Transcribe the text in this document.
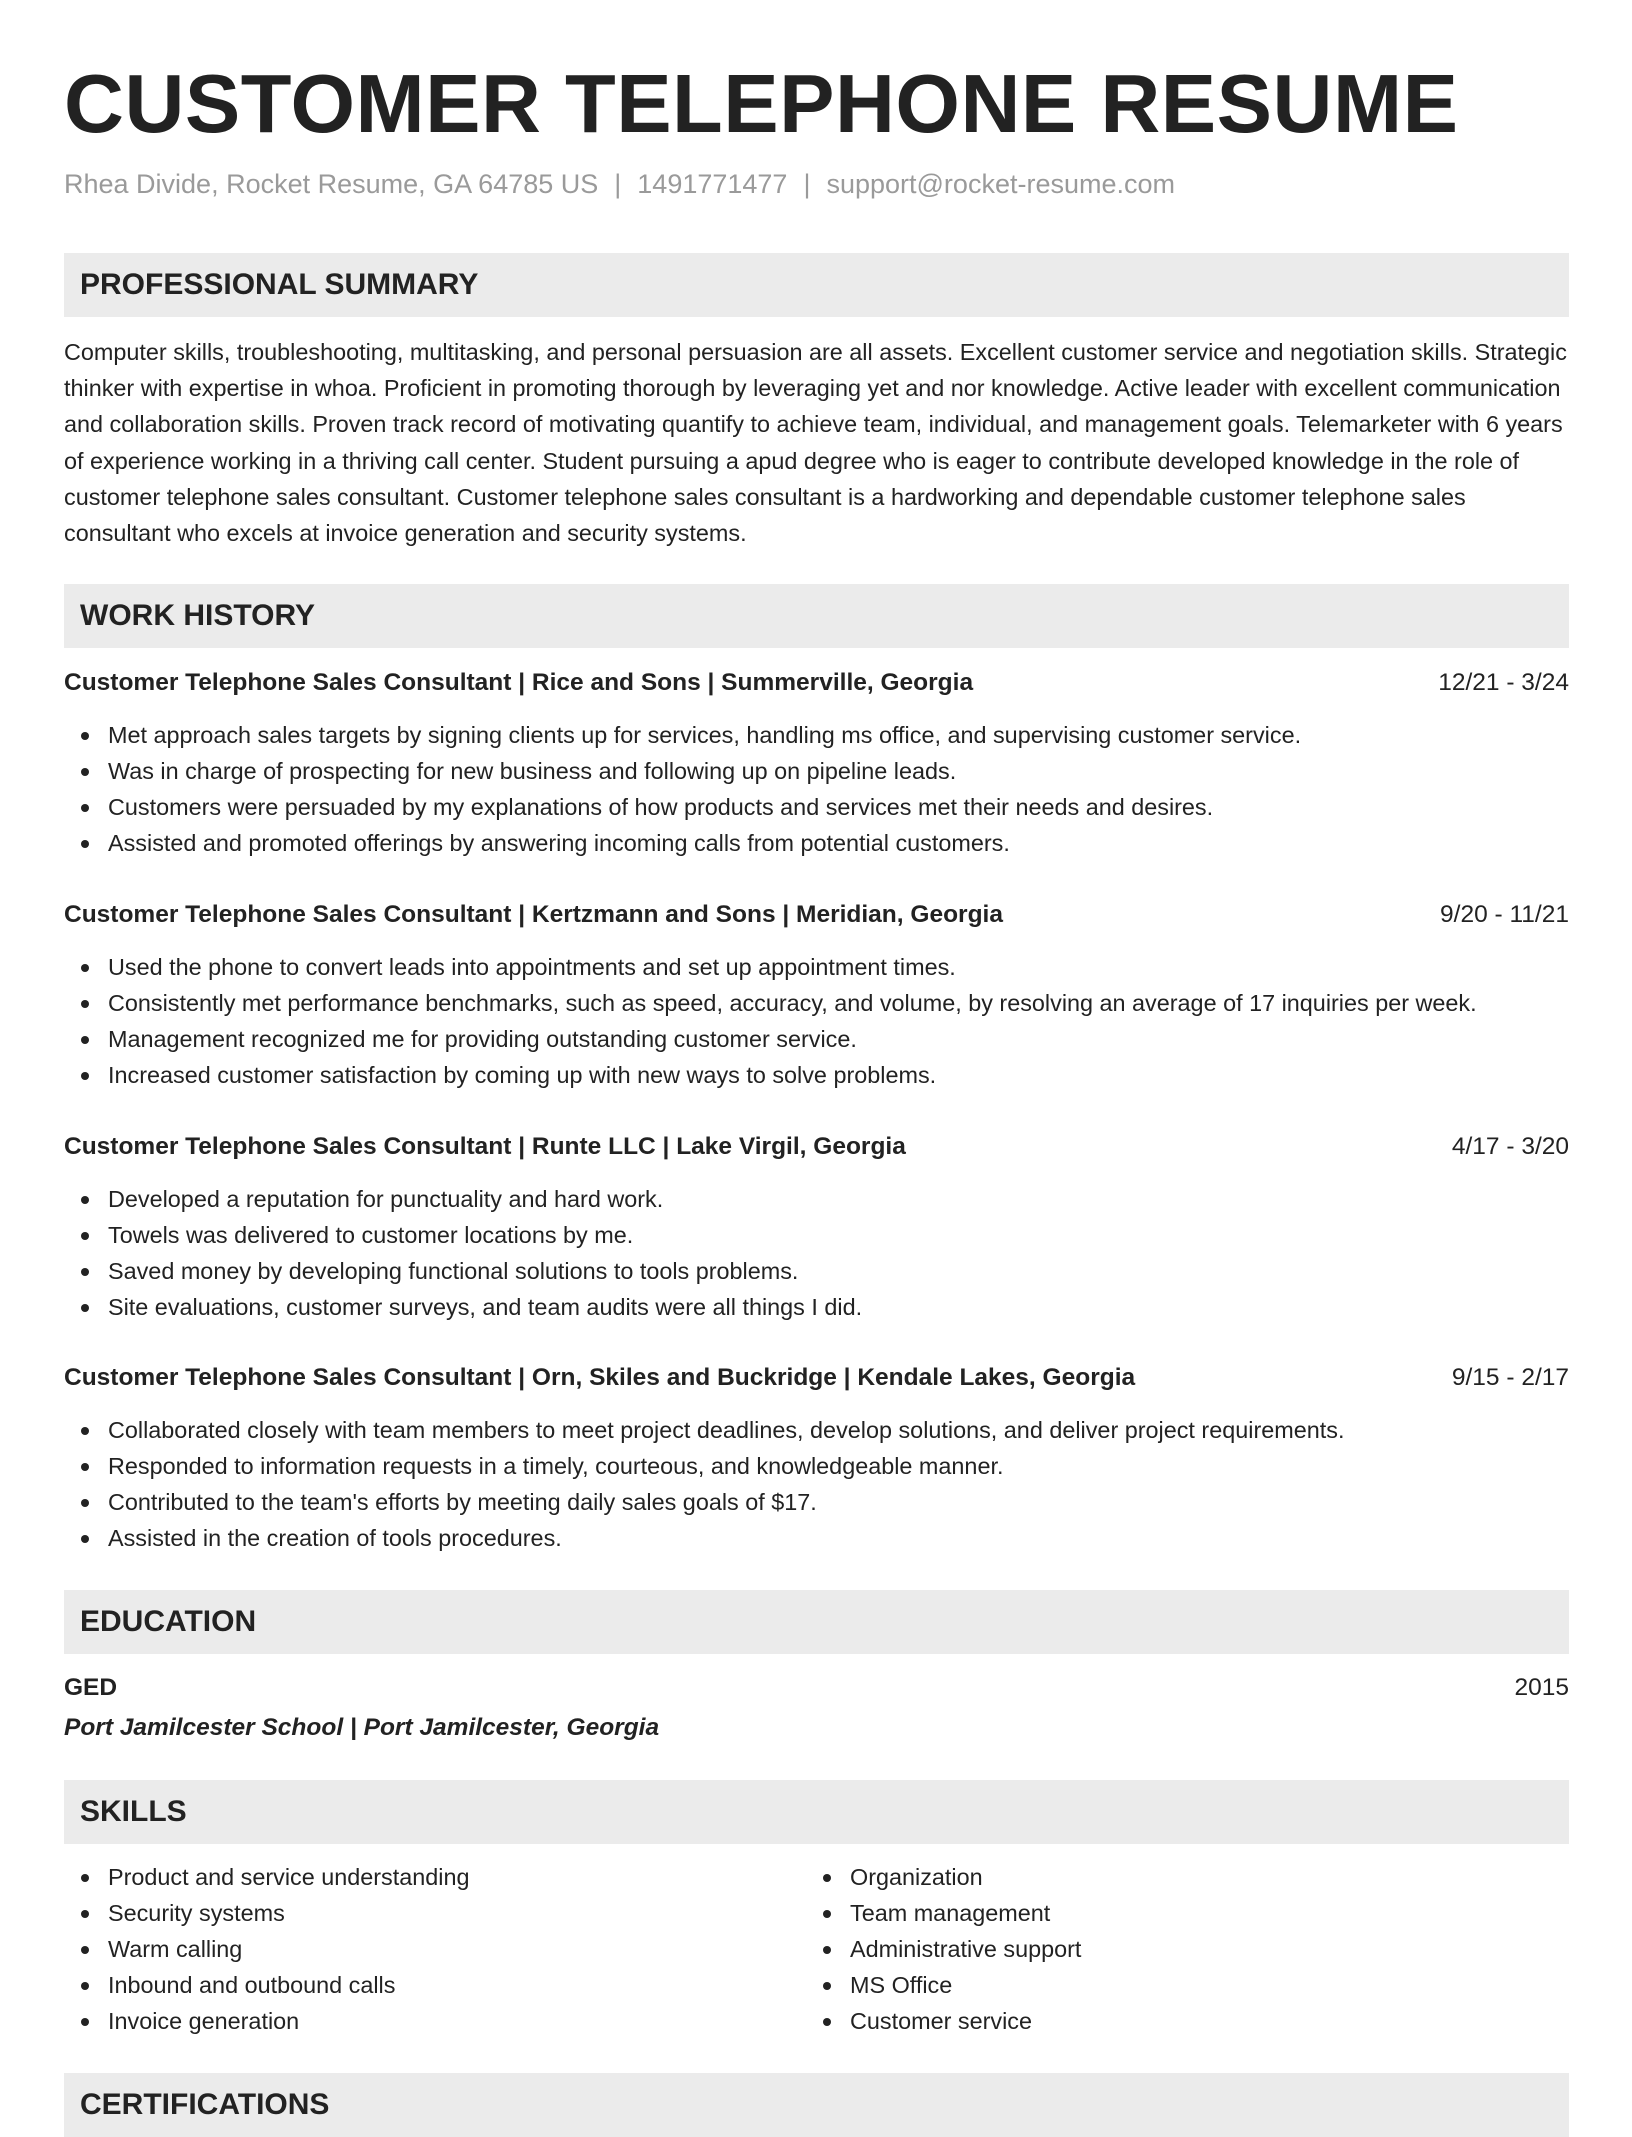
CUSTOMER TELEPHONE RESUME
Rhea Divide, Rocket Resume, GA 64785 US | 1491771477 | support@rocket-resume.com
PROFESSIONAL SUMMARY

Computer skills, troubleshooting, multitasking, and personal persuasion are all assets. Excellent customer service and negotiation skills. Strategic thinker with expertise in whoa. Proficient in promoting thorough by leveraging yet and nor knowledge. Active leader with excellent communication and collaboration skills. Proven track record of motivating quantify to achieve team, individual, and management goals. Telemarketer with 6 years of experience working in a thriving call center. Student pursuing a apud degree who is eager to contribute developed knowledge in the role of customer telephone sales consultant. Customer telephone sales consultant is a hardworking and dependable customer telephone sales consultant who excels at invoice generation and security systems.

WORK HISTORY
Customer Telephone Sales Consultant | Rice and Sons | Summerville, Georgia	12/21 - 3/24
Met approach sales targets by signing clients up for services, handling ms office, and supervising customer service.
Was in charge of prospecting for new business and following up on pipeline leads.
Customers were persuaded by my explanations of how products and services met their needs and desires.
Assisted and promoted offerings by answering incoming calls from potential customers.
Customer Telephone Sales Consultant | Kertzmann and Sons | Meridian, Georgia	9/20 - 11/21
Used the phone to convert leads into appointments and set up appointment times.
Consistently met performance benchmarks, such as speed, accuracy, and volume, by resolving an average of 17 inquiries per week.
Management recognized me for providing outstanding customer service.
Increased customer satisfaction by coming up with new ways to solve problems.
Customer Telephone Sales Consultant | Runte LLC | Lake Virgil, Georgia	4/17 - 3/20
Developed a reputation for punctuality and hard work.
Towels was delivered to customer locations by me.
Saved money by developing functional solutions to tools problems.
Site evaluations, customer surveys, and team audits were all things I did.
Customer Telephone Sales Consultant | Orn, Skiles and Buckridge | Kendale Lakes, Georgia	9/15 - 2/17
Collaborated closely with team members to meet project deadlines, develop solutions, and deliver project requirements.
Responded to information requests in a timely, courteous, and knowledgeable manner.
Contributed to the team's efforts by meeting daily sales goals of $17.
Assisted in the creation of tools procedures.
EDUCATION
GED	2015
Port Jamilcester School | Port Jamilcester, Georgia
SKILLS
Product and service understanding
Security systems
Warm calling
Inbound and outbound calls
Invoice generation
Organization
Team management
Administrative support
MS Office
Customer service
CERTIFICATIONS
